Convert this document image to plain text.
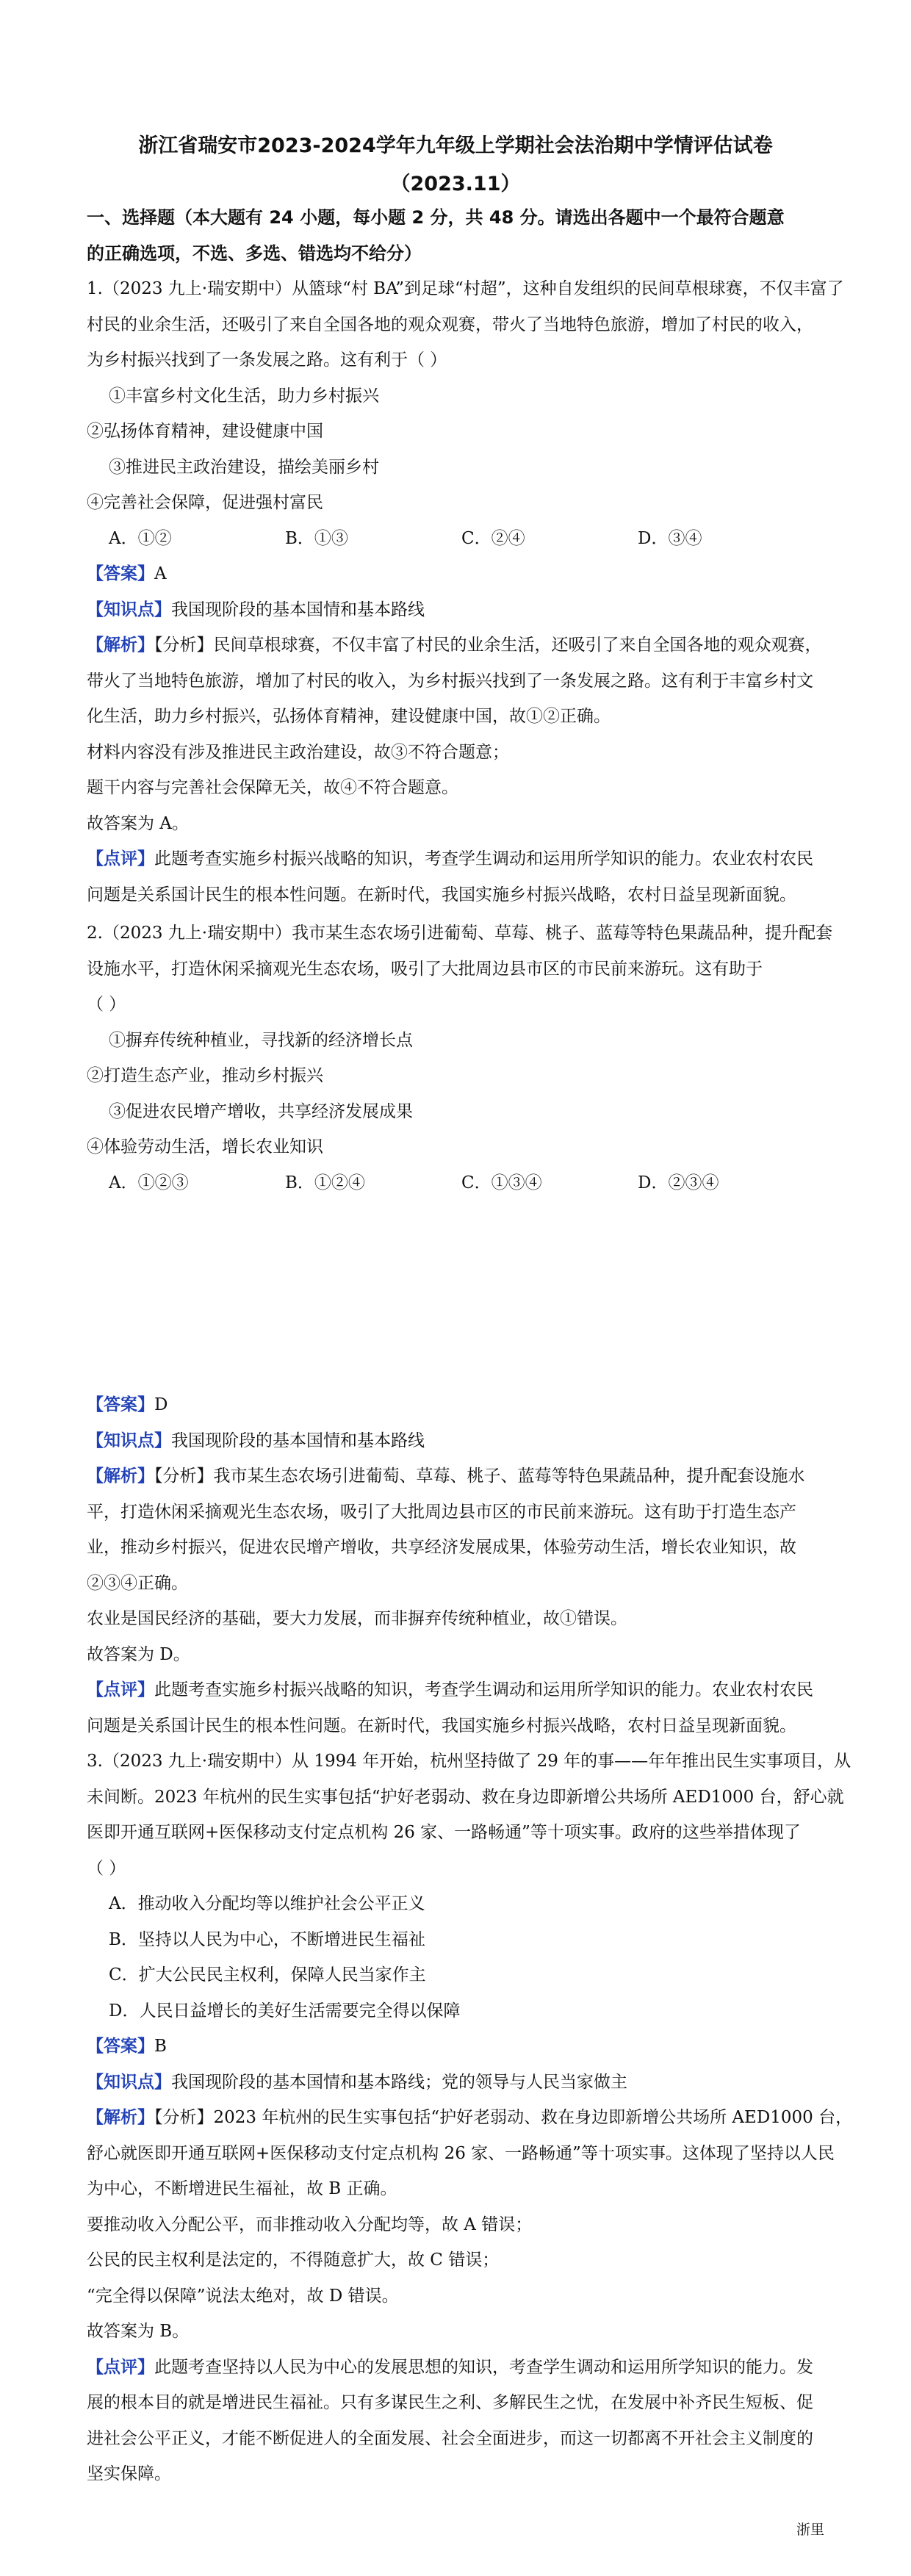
浙江省瑞安市2023-2024学年九年级上学期社会法治期中学情评估试卷
（2023.11）

一、选择题（本大题有 24 小题，每小题 2 分，共 48 分。请选出各题中一个最符合题意

的正确选项，不选、多选、错选均不给分）

1.（2023 九上·瑞安期中）从篮球“村 BA”到足球“村超”，这种自发组织的民间草根球赛，不仅丰富了

村民的业余生活，还吸引了来自全国各地的观众观赛，带火了当地特色旅游，增加了村民的收入，

为乡村振兴找到了一条发展之路。这有利于（ ）

①丰富乡村文化生活，助力乡村振兴

②弘扬体育精神，建设健康中国

③推进民主政治建设，描绘美丽乡村

④完善社会保障，促进强村富民

A．①②	B．①③	C．②④	D．③④

【答案】A

【知识点】我国现阶段的基本国情和基本路线

【解析】【分析】民间草根球赛，不仅丰富了村民的业余生活，还吸引了来自全国各地的观众观赛，

带火了当地特色旅游，增加了村民的收入，为乡村振兴找到了一条发展之路。这有利于丰富乡村文

化生活，助力乡村振兴，弘扬体育精神，建设健康中国，故①②正确。

材料内容没有涉及推进民主政治建设，故③不符合题意；

题干内容与完善社会保障无关，故④不符合题意。

故答案为 A。

【点评】此题考查实施乡村振兴战略的知识，考查学生调动和运用所学知识的能力。农业农村农民

问题是关系国计民生的根本性问题。在新时代，我国实施乡村振兴战略，农村日益呈现新面貌。

2.（2023 九上·瑞安期中）我市某生态农场引进葡萄、草莓、桃子、蓝莓等特色果蔬品种，提升配套

设施水平，打造休闲采摘观光生态农场，吸引了大批周边县市区的市民前来游玩。这有助于

（ ）

①摒弃传统种植业，寻找新的经济增长点

②打造生态产业，推动乡村振兴

③促进农民增产增收，共享经济发展成果

④体验劳动生活，增长农业知识

A．①②③	B．①②④	C．①③④	D．②③④

【答案】D

【知识点】我国现阶段的基本国情和基本路线

【解析】【分析】我市某生态农场引进葡萄、草莓、桃子、蓝莓等特色果蔬品种，提升配套设施水

平，打造休闲采摘观光生态农场，吸引了大批周边县市区的市民前来游玩。这有助于打造生态产

业，推动乡村振兴，促进农民增产增收，共享经济发展成果，体验劳动生活，增长农业知识，故

②③④正确。

农业是国民经济的基础，要大力发展，而非摒弃传统种植业，故①错误。

故答案为 D。

【点评】此题考查实施乡村振兴战略的知识，考查学生调动和运用所学知识的能力。农业农村农民

问题是关系国计民生的根本性问题。在新时代，我国实施乡村振兴战略，农村日益呈现新面貌。

3.（2023 九上·瑞安期中）从 1994 年开始，杭州坚持做了 29 年的事——年年推出民生实事项目，从

未间断。2023 年杭州的民生实事包括“护好老弱动、救在身边即新增公共场所 AED1000 台，舒心就

医即开通互联网+医保移动支付定点机构 26 家、一路畅通”等十项实事。政府的这些举措体现了

（ ）

A．推动收入分配均等以维护社会公平正义

B．坚持以人民为中心，不断增进民生福祉

C．扩大公民民主权利，保障人民当家作主

D．人民日益增长的美好生活需要完全得以保障

【答案】B

【知识点】我国现阶段的基本国情和基本路线；党的领导与人民当家做主

【解析】【分析】2023 年杭州的民生实事包括“护好老弱动、救在身边即新增公共场所 AED1000 台，

舒心就医即开通互联网+医保移动支付定点机构 26 家、一路畅通”等十项实事。这体现了坚持以人民

为中心，不断增进民生福祉，故 B 正确。

要推动收入分配公平，而非推动收入分配均等，故 A 错误；

公民的民主权利是法定的，不得随意扩大，故 C 错误；

“完全得以保障”说法太绝对，故 D 错误。

故答案为 B。

【点评】此题考查坚持以人民为中心的发展思想的知识，考查学生调动和运用所学知识的能力。发

展的根本目的就是增进民生福祉。只有多谋民生之利、多解民生之忧，在发展中补齐民生短板、促

进社会公平正义，才能不断促进人的全面发展、社会全面进步，而这一切都离不开社会主义制度的

坚实保障。

浙里
